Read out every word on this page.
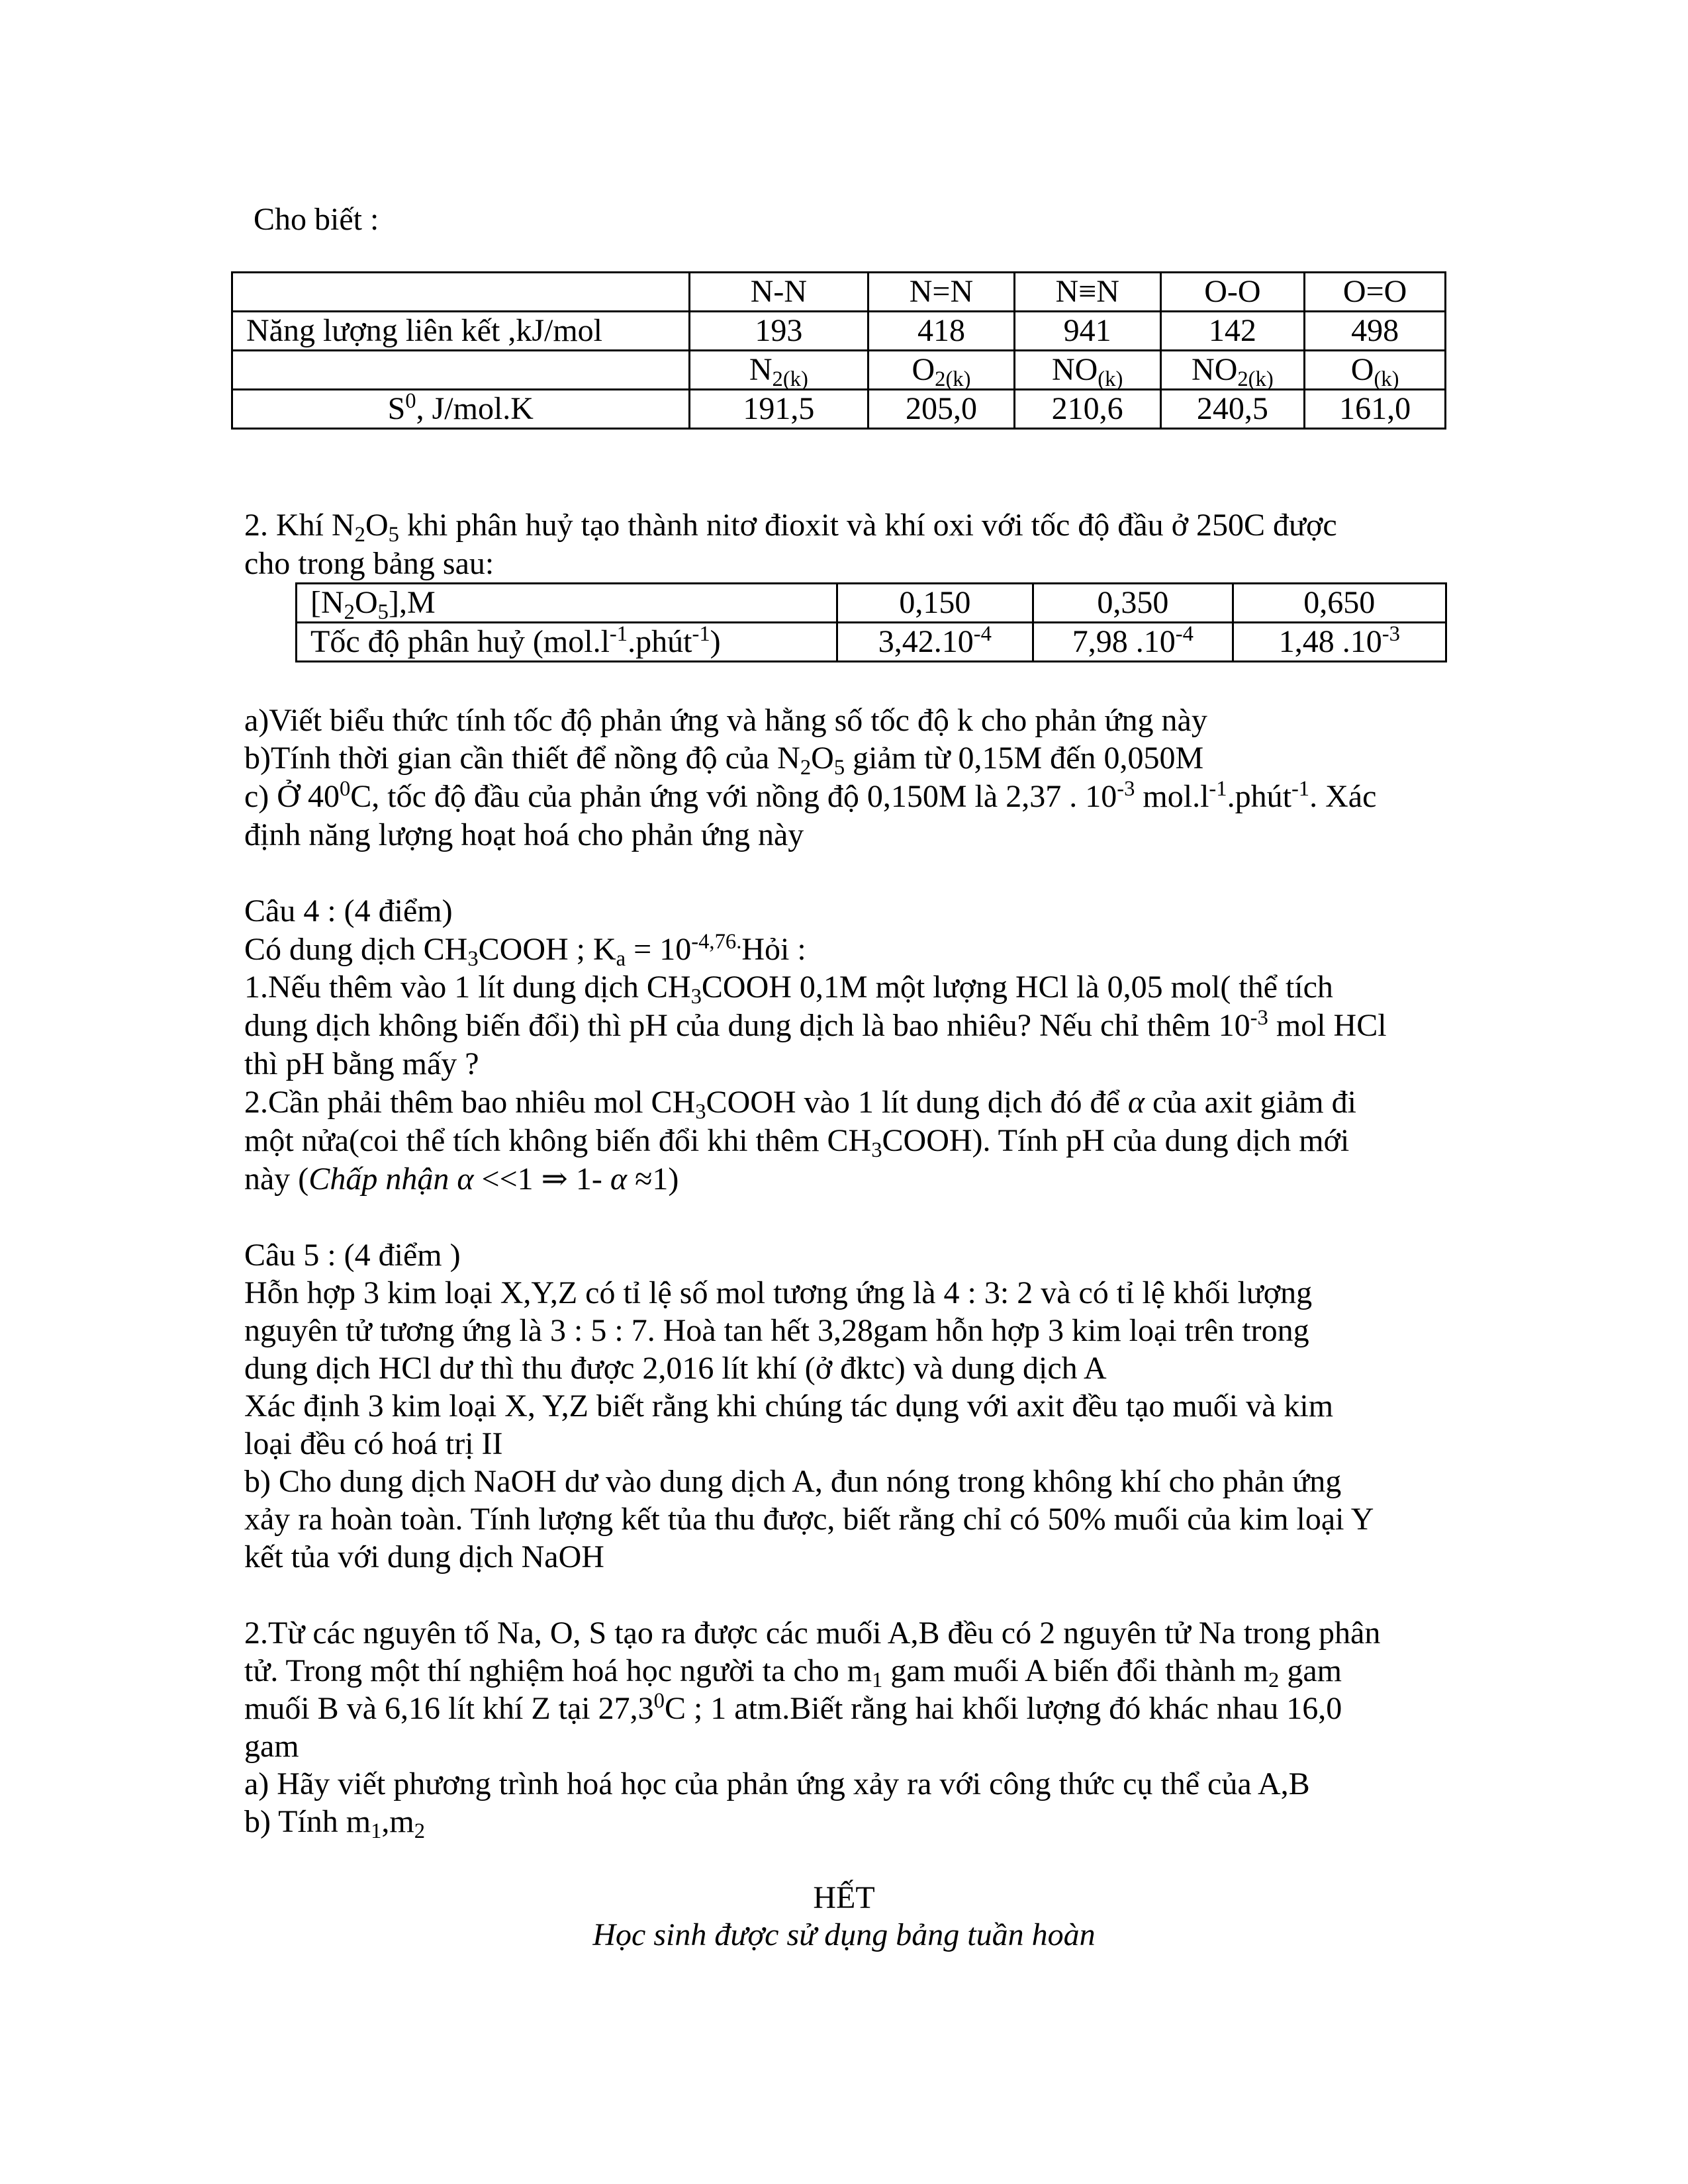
Cho biết :
	N-N	N=N	N≡N	O-O	O=O
Năng lượng liên kết ,kJ/mol	193	418	941	142	498
	$N_{2(k)}$	$O_{2(k)}$	$NO_{(k)}$	$NO_{2(k)}$	$O_{(k)}$
$S^0$, J/mol.K	191,5	205,0	210,6	240,5	161,0
2. Khí $N_2O_5$ khi phân huỷ tạo thành nitơ đioxit và khí oxi với tốc độ đầu ở 250C được
cho trong bảng sau:
$[N_2O_5],M$	0,150	0,350	0,650
Tốc độ phân huỷ $(mol.l^{-1}.phút^{-1})$	$3,42.10^{-4}$	7,98 $.10^{-4}$	1,48 $.10^{-3}$
a)Viết biểu thức tính tốc độ phản ứng và hằng số tốc độ k cho phản ứng này
b)Tính thời gian cần thiết để nồng độ của $N_2O_5$ giảm từ 0,15M đến 0,050M
c) Ở $40^0C$, tốc độ đầu của phản ứng với nồng độ 0,150M là 2,37 . $10^{-3}$ $mol.l^{-1}.phút^{-1}$. Xác
định năng lượng hoạt hoá cho phản ứng này
Câu 4 : (4 điểm)
Có dung dịch $CH_3COOH$ ; $K_a$ = $10^{-4,76.}Hỏi$ :
1.Nếu thêm vào 1 lít dung dịch $CH_3COOH$ 0,1M một lượng HCl là 0,05 mol( thể tích
dung dịch không biến đổi) thì pH của dung dịch là bao nhiêu? Nếu chỉ thêm $10^{-3}$ mol HCl
thì pH bằng mấy ?
2.Cần phải thêm bao nhiêu mol $CH_3COOH$ vào 1 lít dung dịch đó để α của axit giảm đi
một nửa(coi thể tích không biến đổi khi thêm $CH_3COOH$). Tính pH của dung dịch mới
này (Chấp nhận α <<1 ⇒ 1- α ≈1)
Câu 5 : (4 điểm )
Hỗn hợp 3 kim loại X,Y,Z có tỉ lệ số mol tương ứng là 4 : 3: 2 và có tỉ lệ khối lượng
nguyên tử tương ứng là 3 : 5 : 7. Hoà tan hết 3,28gam hỗn hợp 3 kim loại trên trong
dung dịch HCl dư thì thu được 2,016 lít khí (ở đktc) và dung dịch A
Xác định 3 kim loại X, Y,Z biết rằng khi chúng tác dụng với axit đều tạo muối và kim
loại đều có hoá trị II
b) Cho dung dịch NaOH dư vào dung dịch A, đun nóng trong không khí cho phản ứng
xảy ra hoàn toàn. Tính lượng kết tủa thu được, biết rằng chỉ có 50% muối của kim loại Y
kết tủa với dung dịch NaOH
2.Từ các nguyên tố Na, O, S tạo ra được các muối A,B đều có 2 nguyên tử Na trong phân
tử. Trong một thí nghiệm hoá học người ta cho $m_1$ gam muối A biến đổi thành $m_2$ gam
muối B và 6,16 lít khí Z tại 27,3$^0$C ; 1 atm.Biết rằng hai khối lượng đó khác nhau 16,0
gam
a) Hãy viết phương trình hoá học của phản ứng xảy ra với công thức cụ thể của A,B
b) Tính $m_1,m_2$
HẾT
Học sinh được sử dụng bảng tuần hoàn
